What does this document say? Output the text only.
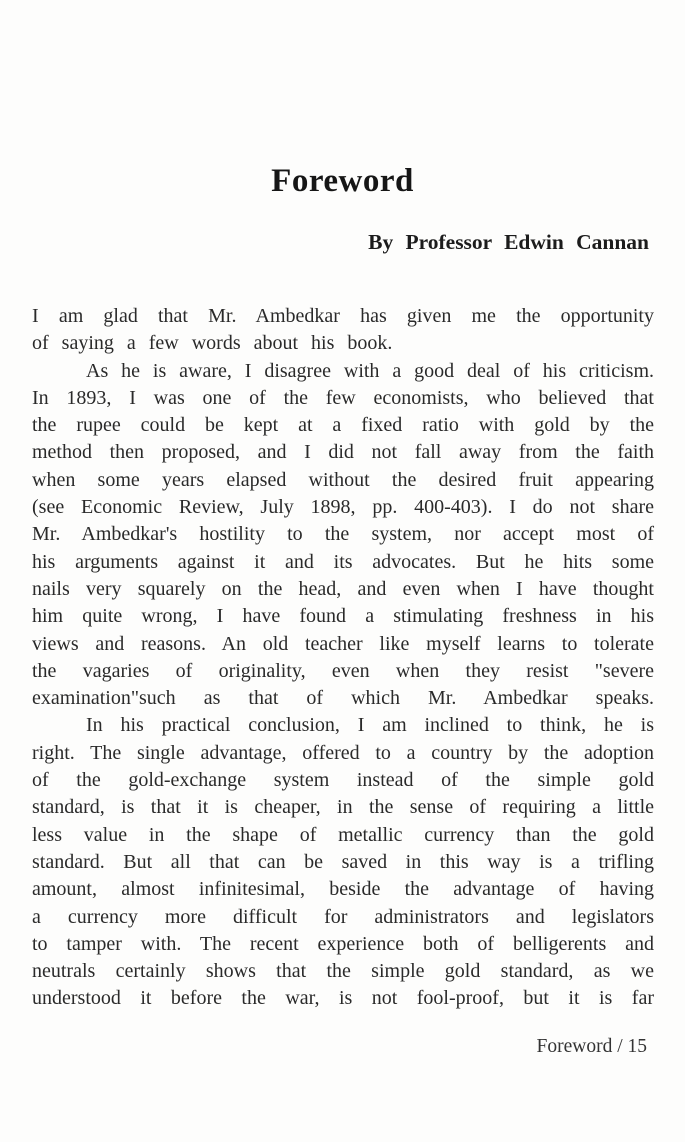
Foreword
By Professor Edwin Cannan
I am glad that Mr. Ambedkar has given me the opportunity
of saying a few words about his book.
As he is aware, I disagree with a good deal of his criticism.
In 1893, I was one of the few economists, who believed that
the rupee could be kept at a fixed ratio with gold by the
method then proposed, and I did not fall away from the faith
when some years elapsed without the desired fruit appearing
(see Economic Review, July 1898, pp. 400-403). I do not share
Mr. Ambedkar's hostility to the system, nor accept most of
his arguments against it and its advocates. But he hits some
nails very squarely on the head, and even when I have thought
him quite wrong, I have found a stimulating freshness in his
views and reasons. An old teacher like myself learns to tolerate
the vagaries of originality, even when they resist "severe
examination"such as that of which Mr. Ambedkar speaks.
In his practical conclusion, I am inclined to think, he is
right. The single advantage, offered to a country by the adoption
of the gold-exchange system instead of the simple gold
standard, is that it is cheaper, in the sense of requiring a little
less value in the shape of metallic currency than the gold
standard. But all that can be saved in this way is a trifling
amount, almost infinitesimal, beside the advantage of having
a currency more difficult for administrators and legislators
to tamper with. The recent experience both of belligerents and
neutrals certainly shows that the simple gold standard, as we
understood it before the war, is not fool-proof, but it is far
Foreword / 15
